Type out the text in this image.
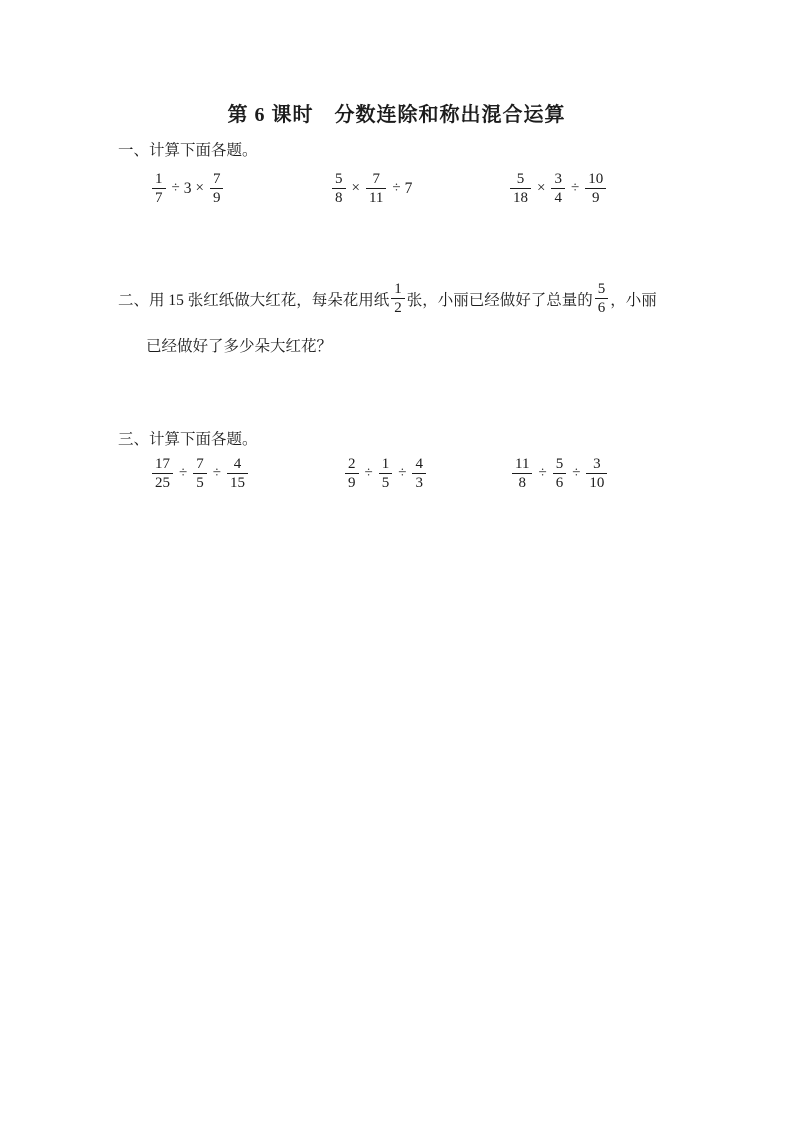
第 6 课时　分数连除和称出混合运算
一、计算下面各题。
$\frac{1}{7} \div 3 \times \frac{7}{9}$	$\frac{5}{8} \times \frac{7}{11} \div 7$	$\frac{5}{18} \times \frac{3}{4} \div \frac{10}{9}$
二、用 15 张红纸做大红花，每朵花用纸 $\frac{1}{2}$ 张，小丽已经做好了总量的 $\frac{5}{6}$ ，小丽
已经做好了多少朵大红花？
三、计算下面各题。
$\frac{17}{25} \div \frac{7}{5} \div \frac{4}{15}$	$\frac{2}{9} \div \frac{1}{5} \div \frac{4}{3}$	$\frac{11}{8} \div \frac{5}{6} \div \frac{3}{10}$
